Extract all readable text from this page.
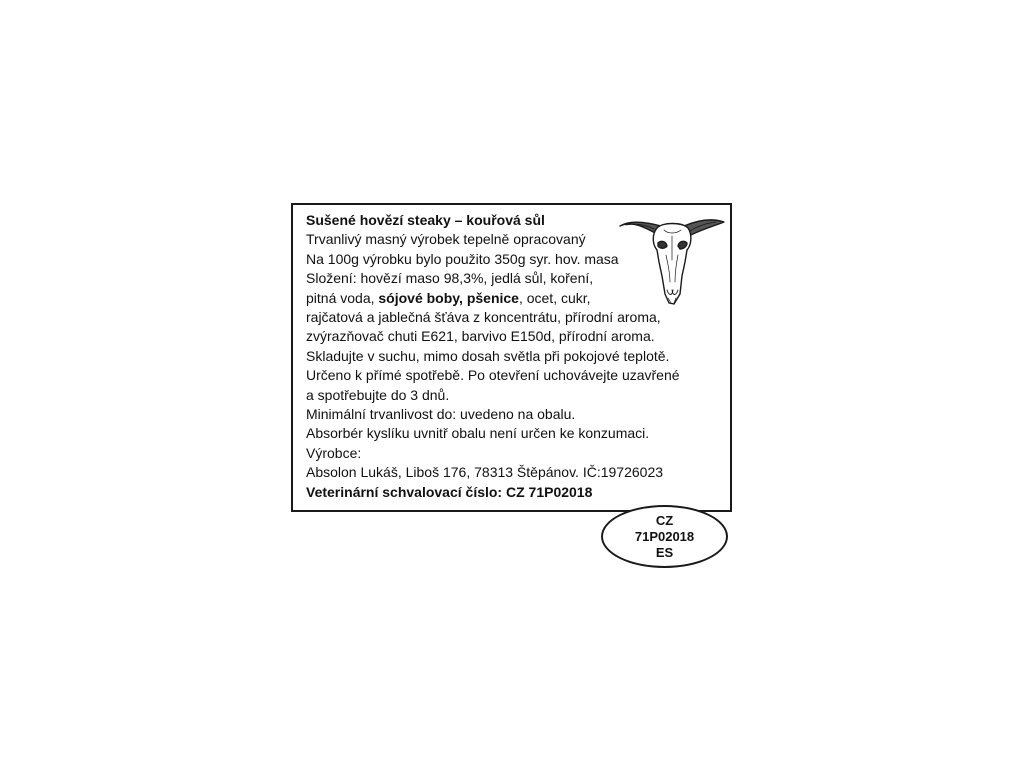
Sušené hovězí steaky – kouřová sůl
Trvanlivý masný výrobek tepelně opracovaný
Na 100g výrobku bylo použito 350g syr. hov. masa
Složení: hovězí maso 98,3%, jedlá sůl, koření,
pitná voda, sójové boby, pšenice, ocet, cukr,
rajčatová a jablečná šťáva z koncentrátu, přírodní aroma,
zvýrazňovač chuti E621, barvivo E150d, přírodní aroma.
Skladujte v suchu, mimo dosah světla při pokojové teplotě.
Určeno k přímé spotřebě. Po otevření uchovávejte uzavřené
a spotřebujte do 3 dnů.
Minimální trvanlivost do: uvedeno na obalu.
Absorbér kyslíku uvnitř obalu není určen ke konzumaci.
Výrobce:
Absolon Lukáš, Liboš 176, 78313 Štěpánov. IČ:19726023
Veterinární schvalovací číslo: CZ 71P02018
CZ
71P02018
ES
